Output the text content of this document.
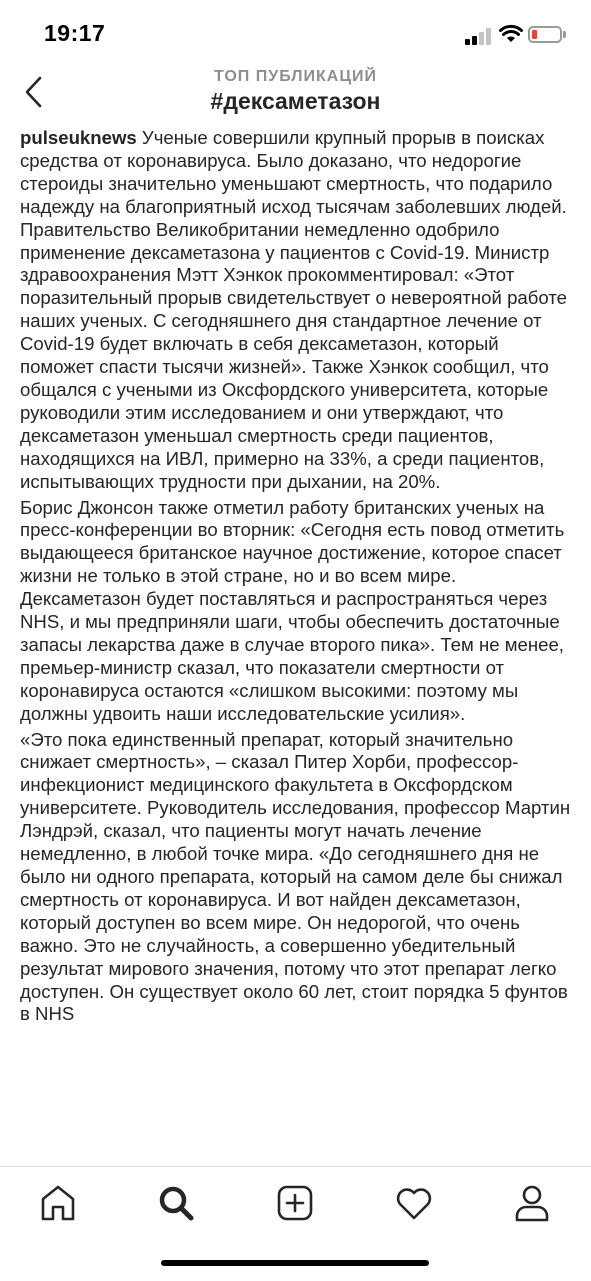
19:17
ТОП ПУБЛИКАЦИЙ
#дексаметазон

pulseuknews Ученые совершили крупный прорыв в поисках средства от коронавируса. Было доказано, что недорогие стероиды значительно уменьшают смертность, что подарило надежду на благоприятный исход тысячам заболевших людей. Правительство Великобритании немедленно одобрило применение дексаметазона у пациентов с Covid-19. Министр здравоохранения Мэтт Хэнкок прокомментировал: «Этот поразительный прорыв свидетельствует о невероятной работе наших ученых. С сегодняшнего дня стандартное лечение от Covid-19 будет включать в себя дексаметазон, который поможет спасти тысячи жизней». Также Хэнкок сообщил, что общался с учеными из Оксфордского университета, которые руководили этим исследованием и они утверждают, что дексаметазон уменьшал смертность среди пациентов, находящихся на ИВЛ, примерно на 33%, а среди пациентов, испытывающих трудности при дыхании, на 20%.

Борис Джонсон также отметил работу британских ученых на пресс-конференции во вторник: «Сегодня есть повод отметить выдающееся британское научное достижение, которое спасет жизни не только в этой стране, но и во всем мире. Дексаметазон будет поставляться и распространяться через NHS, и мы предприняли шаги, чтобы обеспечить достаточные запасы лекарства даже в случае второго пика». Тем не менее, премьер-министр сказал, что показатели смертности от коронавируса остаются «слишком высокими: поэтому мы должны удвоить наши исследовательские усилия».

«Это пока единственный препарат, который значительно снижает смертность», – сказал Питер Хорби, профессор-инфекционист медицинского факультета в Оксфордском университете. Руководитель исследования, профессор Мартин Лэндрэй, сказал, что пациенты могут начать лечение немедленно, в любой точке мира. «До сегодняшнего дня не было ни одного препарата, который на самом деле бы снижал смертность от коронавируса. И вот найден дексаметазон, который доступен во всем мире. Он недорогой, что очень важно. Это не случайность, а совершенно убедительный результат мирового значения, потому что этот препарат легко доступен. Он существует около 60 лет, стоит порядка 5 фунтов в NHS
